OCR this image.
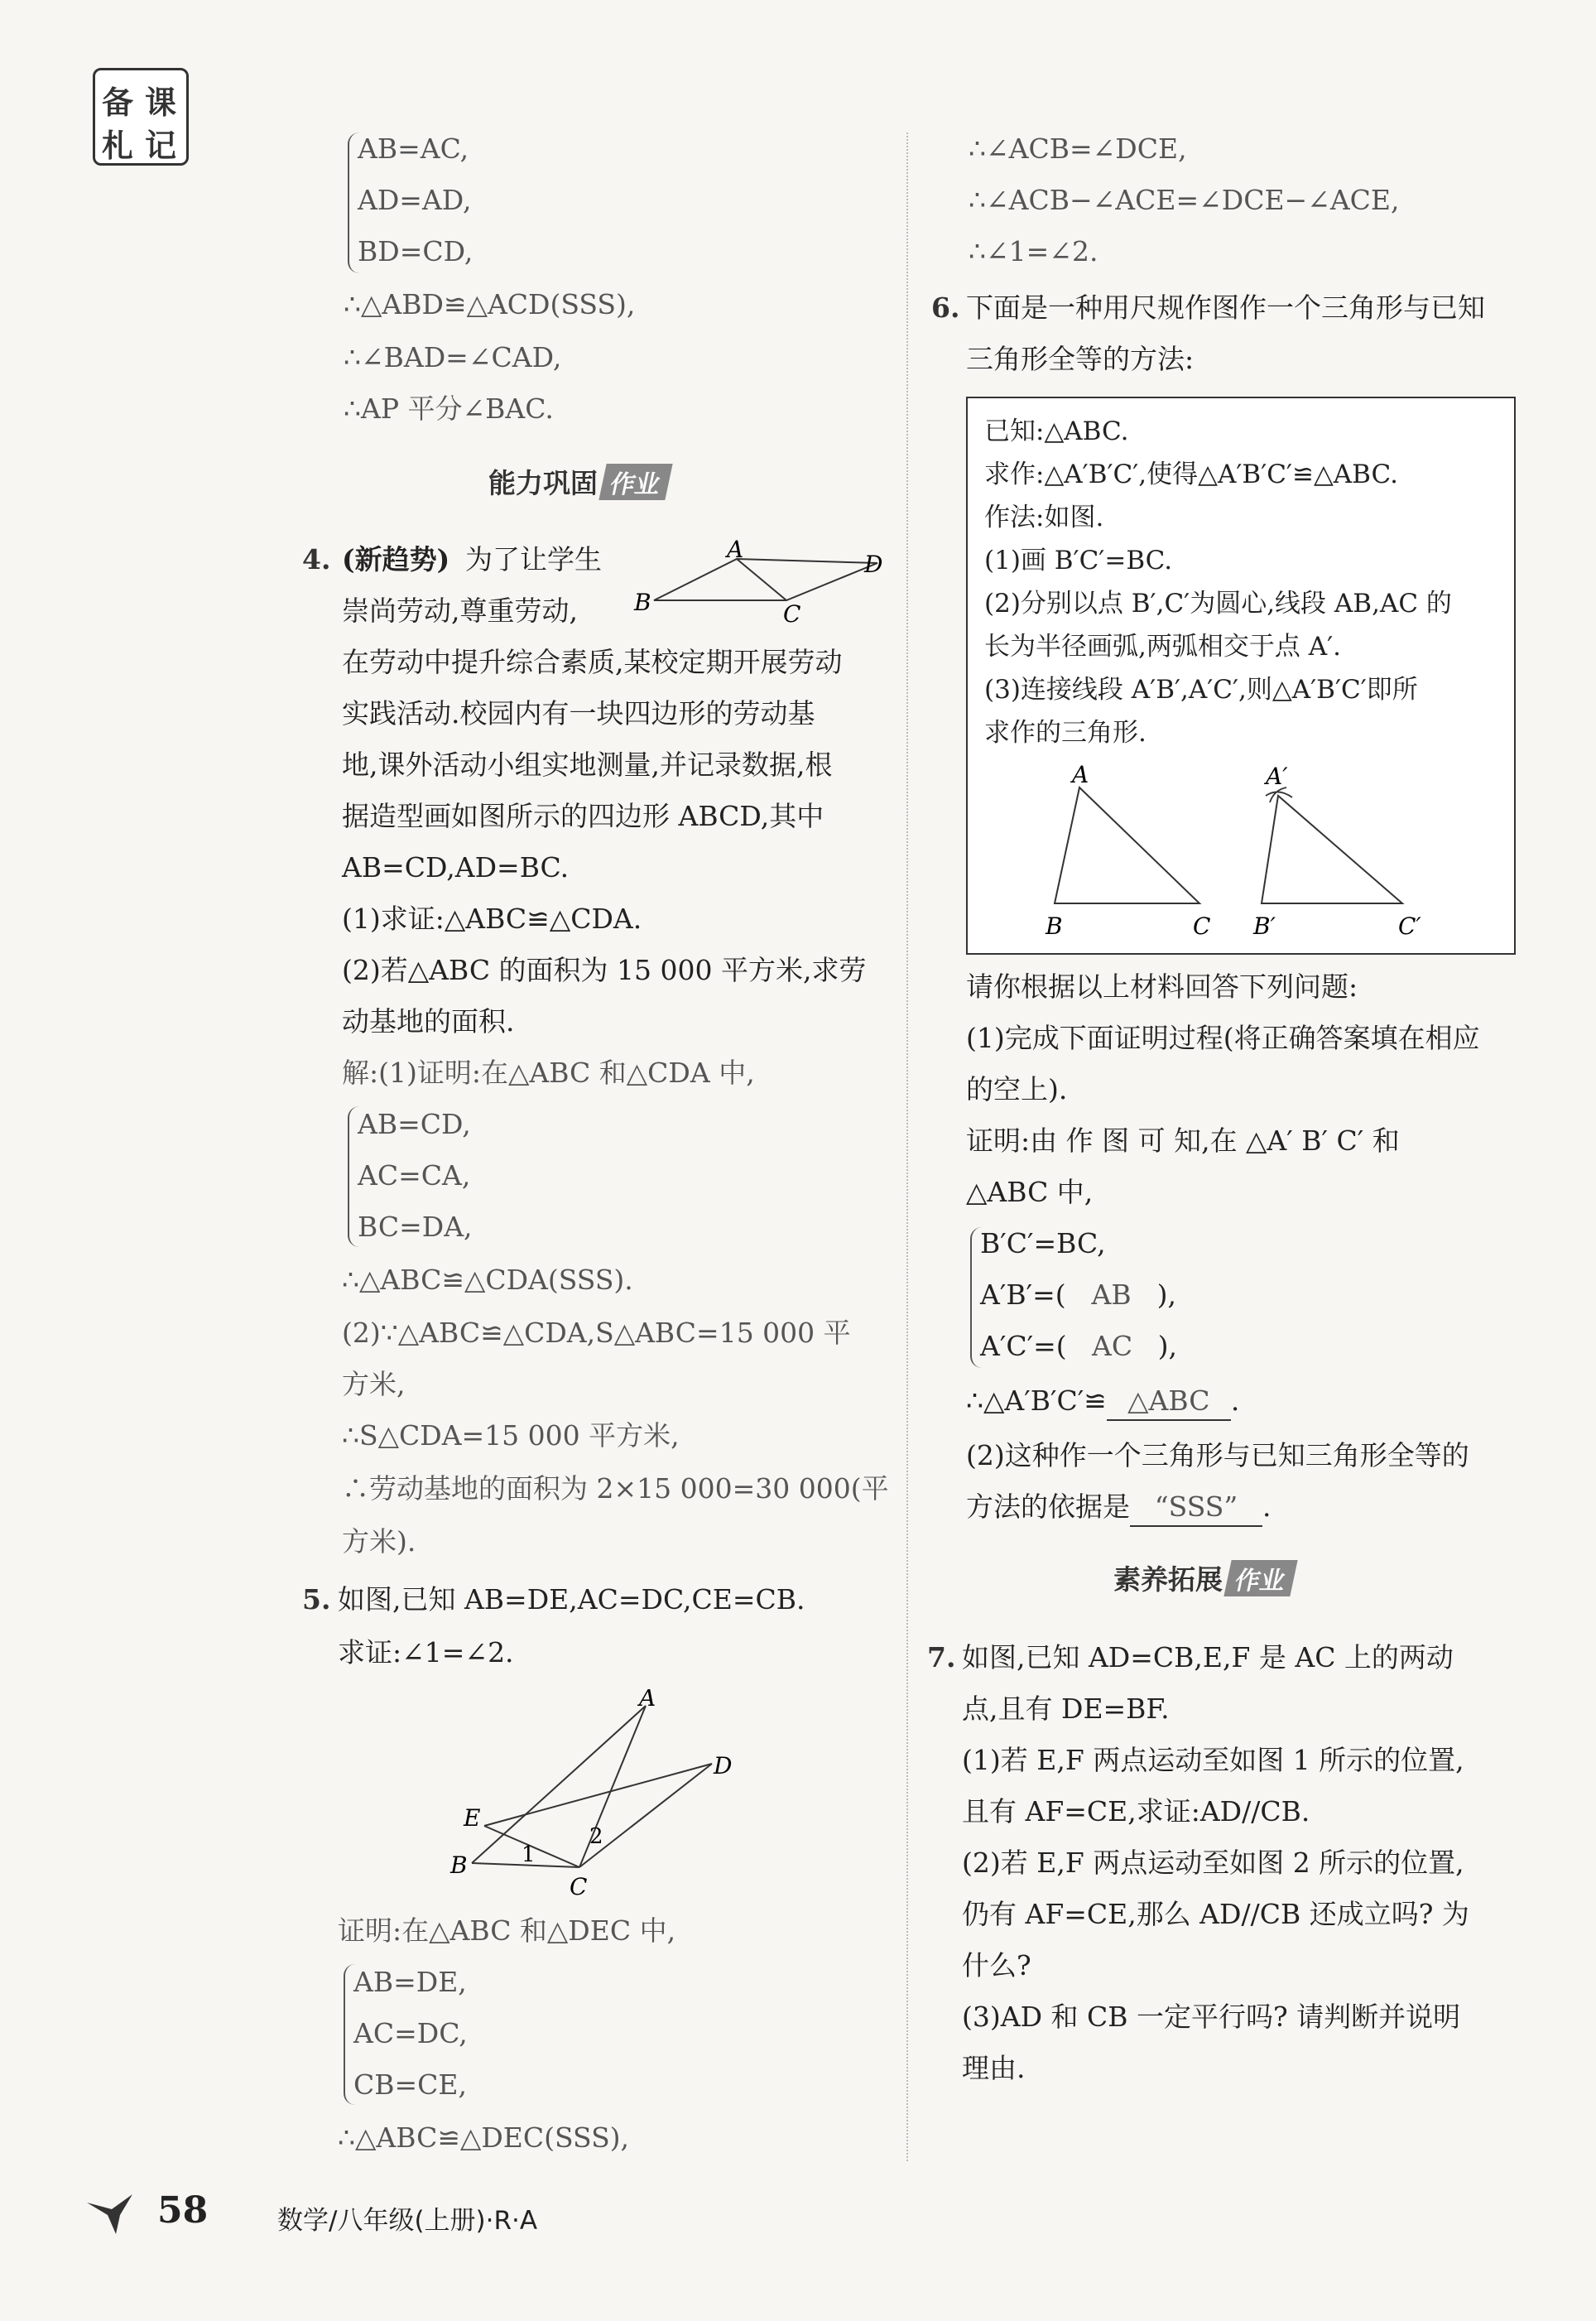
备 课
札 记	AB=AC,
AD=AD,
BD=CD,
∴△ABD≌△ACD(SSS),
∴∠BAD=∠CAD,
∴AP 平分∠BAC.
能力巩固 作业
4. (新趋势) 为了让学生
崇尚劳动,尊重劳动,
在劳动中提升综合素质,某校定期开展劳动
实践活动.校园内有一块四边形的劳动基
地,课外活动小组实地测量,并记录数据,根
据造型画如图所示的四边形 ABCD,其中
AB=CD,AD=BC.
(1)求证:△ABC≌△CDA.
(2)若△ABC 的面积为 15 000 平方米,求劳
动基地的面积.
A
B	C
D
解:(1)证明:在△ABC 和△CDA 中,
AB=CD,
AC=CA,
BC=DA,
∴△ABC≌△CDA(SSS).
(2)∵△ABC≌△CDA,S△ABC=15 000 平
方米,
∴S△CDA=15 000 平方米,
∴劳动基地的面积为 2×15 000=30 000(平
方米).
5. 如图,已知 AB=DE,AC=DC,CE=CB.
求证:∠1=∠2.
A
B
C
D
E
1
2
证明:在△ABC 和△DEC 中,
AB=DE,
AC=DC,
CB=CE,
∴△ABC≌△DEC(SSS),
∴∠ACB=∠DCE,
∴∠ACB−∠ACE=∠DCE−∠ACE,
∴∠1=∠2.
6. 下面是一种用尺规作图作一个三角形与已知
三角形全等的方法:
已知:△ABC.
求作:△A′B′C′,使得△A′B′C′≌△ABC.
作法:如图.
(1)画 B′C′=BC.
(2)分别以点 B′,C′为圆心,线段 AB,AC 的
长为半径画弧,两弧相交于点 A′.
(3)连接线段 A′B′,A′C′,则△A′B′C′即所
求作的三角形.
A
B	C
A′
B′	C′
请你根据以上材料回答下列问题:
(1)完成下面证明过程(将正确答案填在相应
的空上).
证明:由 作 图 可 知,在 △A′ B′ C′ 和
△ABC 中,
B′C′=BC,
A′B′=( AB ),
A′C′=( AC ),
∴△A′B′C′≌ △ABC .
(2)这种作一个三角形与已知三角形全等的
方法的依据是 “SSS” .
素养拓展 作业
7. 如图,已知 AD=CB,E,F 是 AC 上的两动
点,且有 DE=BF.
(1)若 E,F 两点运动至如图 1 所示的位置,
且有 AF=CE,求证:AD//CB.
(2)若 E,F 两点运动至如图 2 所示的位置,
仍有 AF=CE,那么 AD//CB 还成立吗? 为
什么?
(3)AD 和 CB 一定平行吗? 请判断并说明
理由.
58	数学/八年级(上册)·R·A
